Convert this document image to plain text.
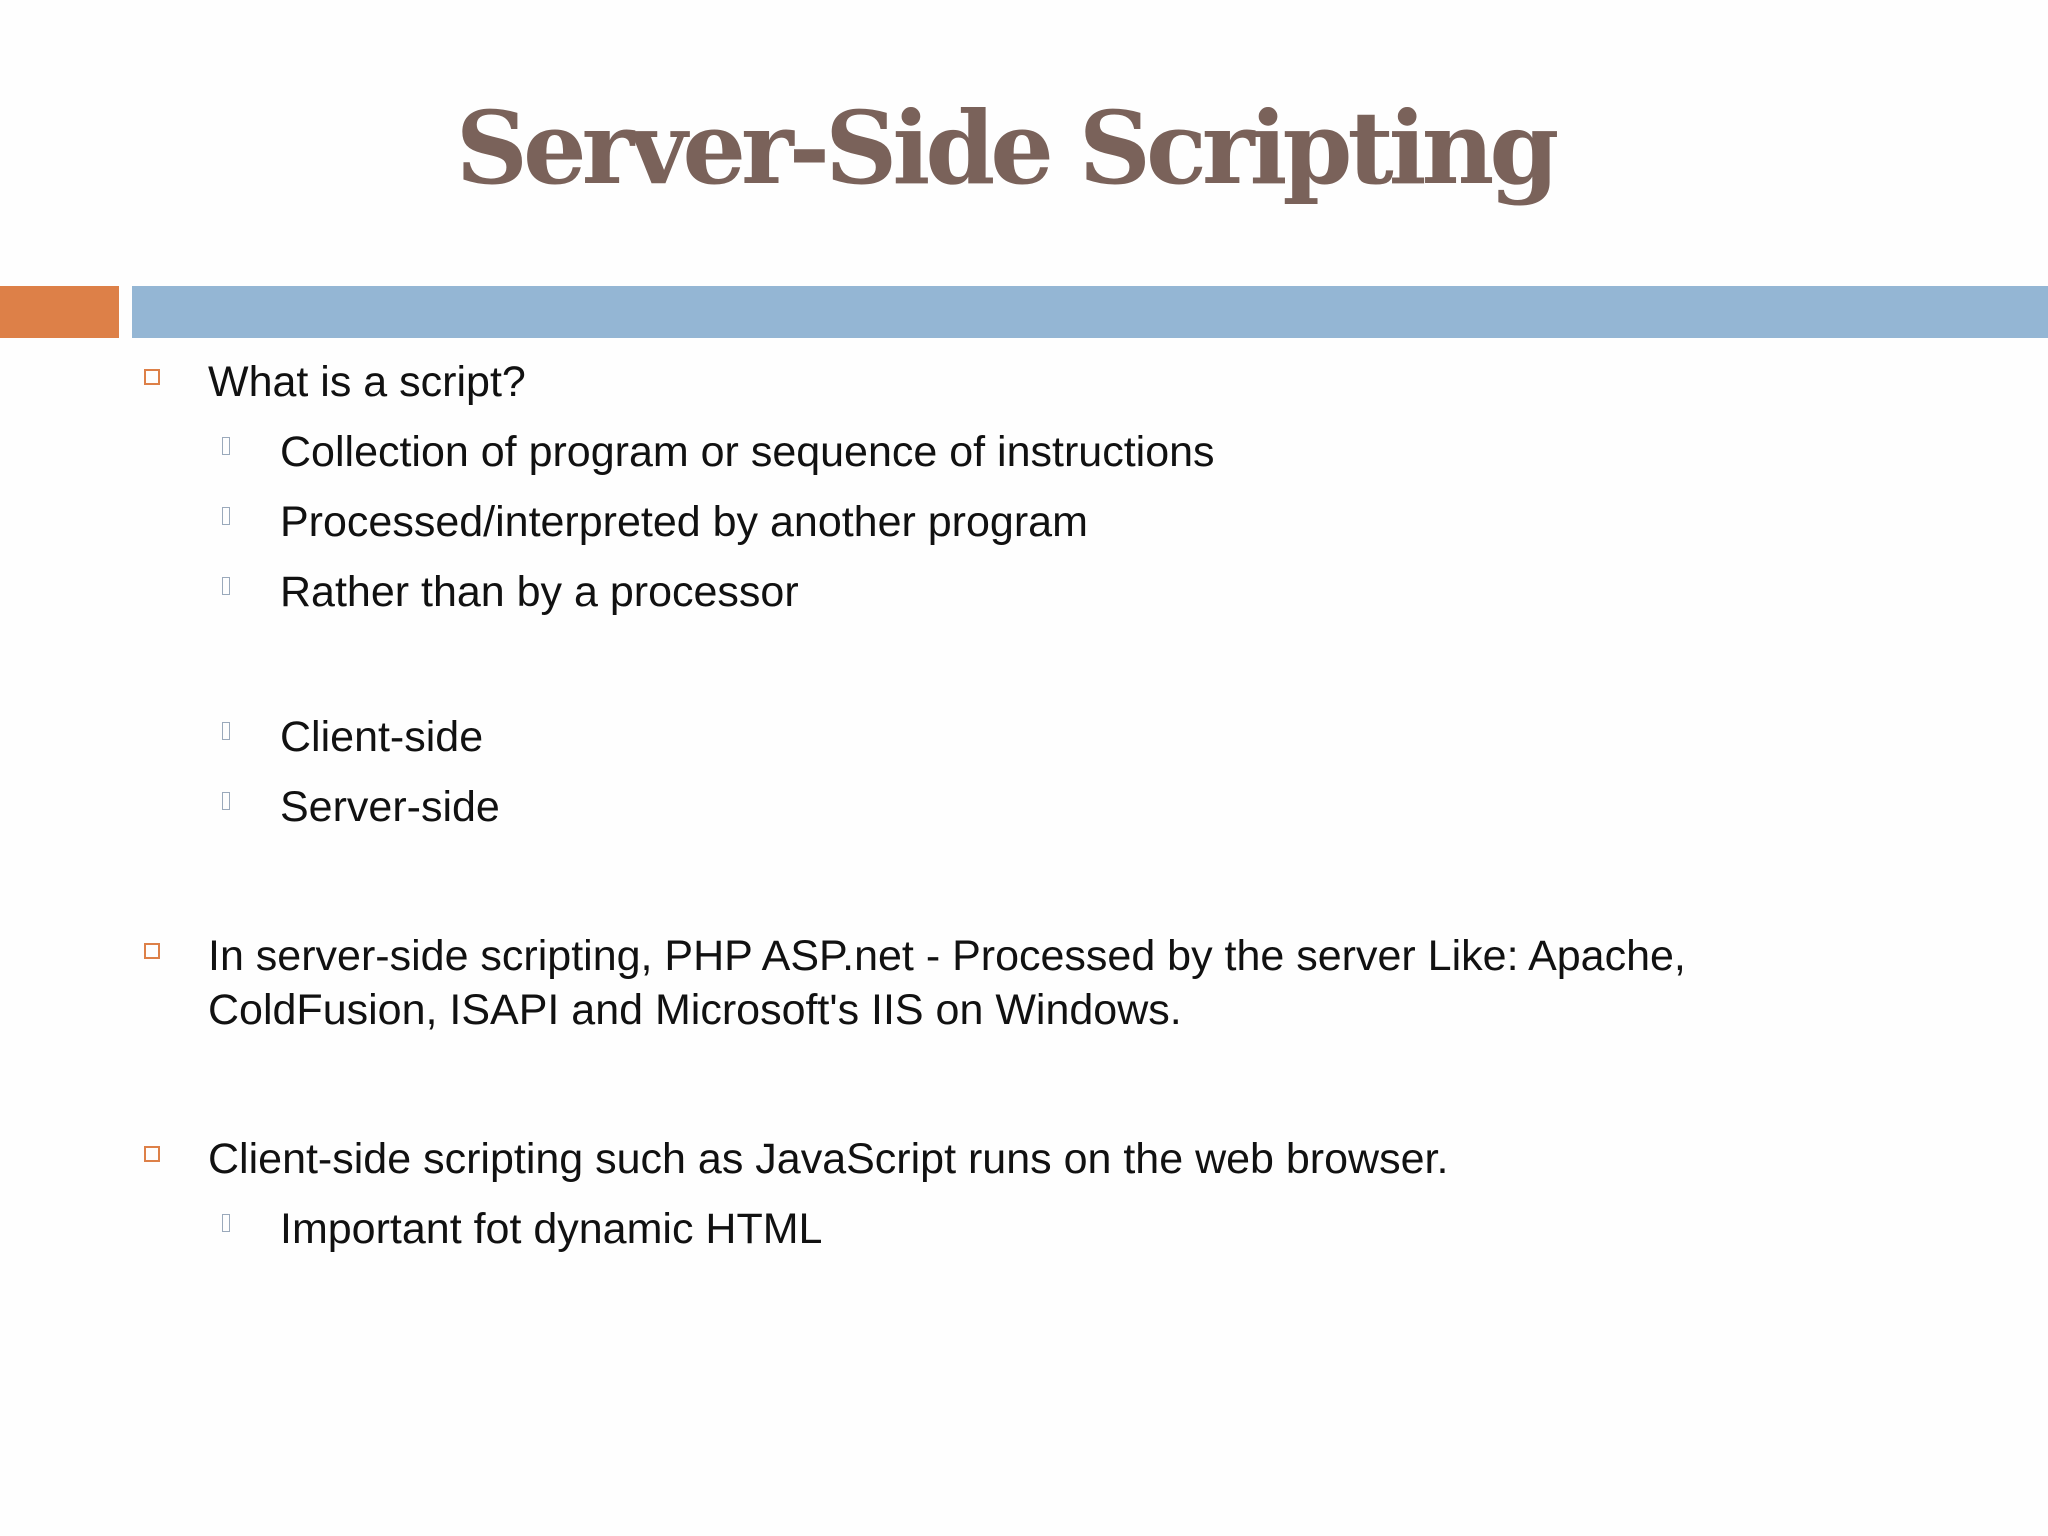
Server-Side Scripting
What is a script?
Collection of program or sequence of instructions
Processed/interpreted by another program
Rather than by a processor
Client-side
Server-side
In server-side scripting, PHP ASP.net - Processed by the server Like: Apache, ColdFusion, ISAPI and Microsoft's IIS on Windows.
Client-side scripting such as JavaScript runs on the web browser.
Important fot dynamic HTML
